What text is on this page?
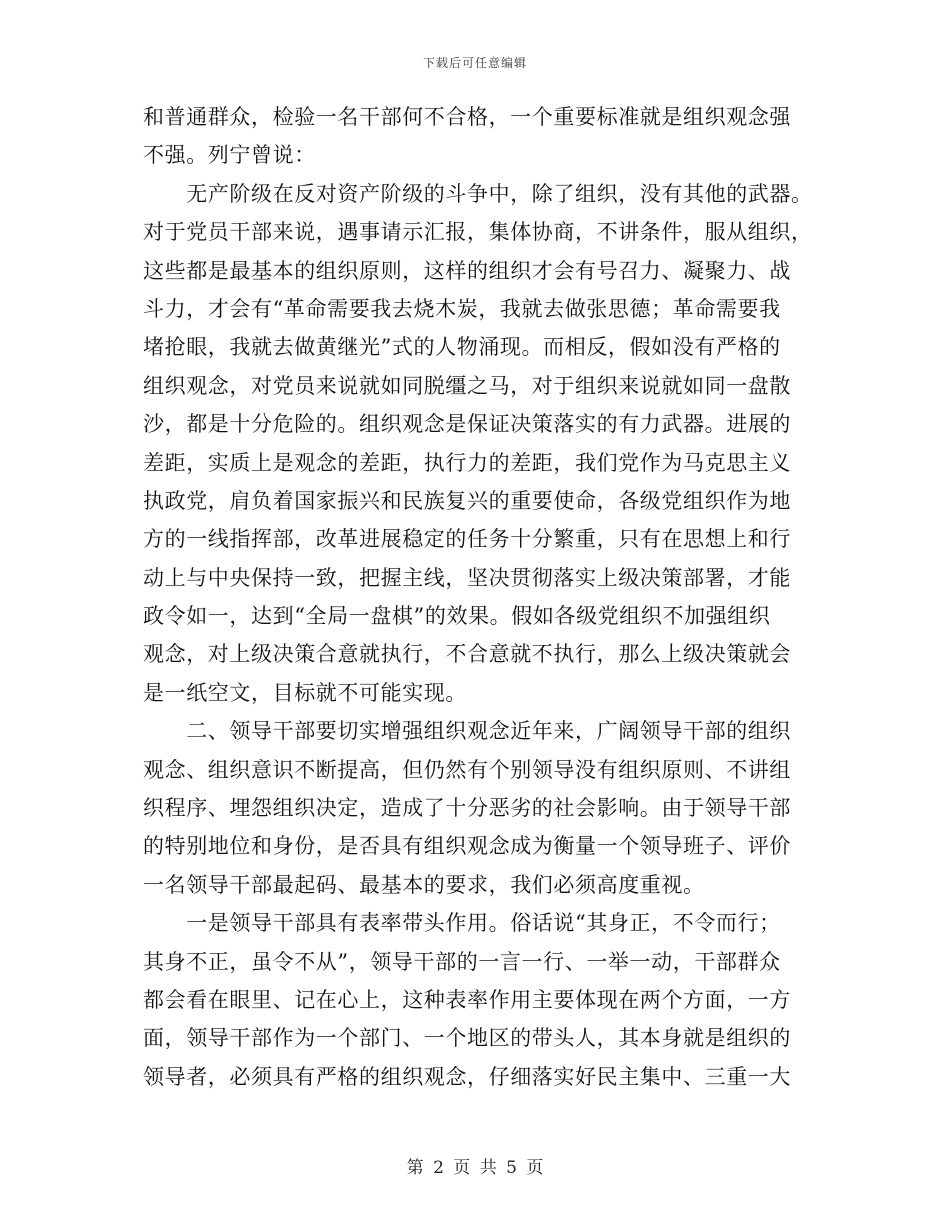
下载后可任意编辑
和普通群众，检验一名干部何不合格，一个重要标准就是组织观念强
不强。列宁曾说：
　　无产阶级在反对资产阶级的斗争中，除了组织，没有其他的武器。
对于党员干部来说，遇事请示汇报，集体协商，不讲条件，服从组织，
这些都是最基本的组织原则，这样的组织才会有号召力、凝聚力、战
斗力，才会有“革命需要我去烧木炭，我就去做张思德；革命需要我
堵抢眼，我就去做黄继光”式的人物涌现。而相反，假如没有严格的
组织观念，对党员来说就如同脱缰之马，对于组织来说就如同一盘散
沙，都是十分危险的。组织观念是保证决策落实的有力武器。进展的
差距，实质上是观念的差距，执行力的差距，我们党作为马克思主义
执政党，肩负着国家振兴和民族复兴的重要使命，各级党组织作为地
方的一线指挥部，改革进展稳定的任务十分繁重，只有在思想上和行
动上与中央保持一致，把握主线，坚决贯彻落实上级决策部署，才能
政令如一，达到“全局一盘棋”的效果。假如各级党组织不加强组织
观念，对上级决策合意就执行，不合意就不执行，那么上级决策就会
是一纸空文，目标就不可能实现。
　　二、领导干部要切实增强组织观念近年来，广阔领导干部的组织
观念、组织意识不断提高，但仍然有个别领导没有组织原则、不讲组
织程序、埋怨组织决定，造成了十分恶劣的社会影响。由于领导干部
的特别地位和身份，是否具有组织观念成为衡量一个领导班子、评价
一名领导干部最起码、最基本的要求，我们必须高度重视。
　　一是领导干部具有表率带头作用。俗话说“其身正，不令而行；
其身不正，虽令不从”，领导干部的一言一行、一举一动，干部群众
都会看在眼里、记在心上，这种表率作用主要体现在两个方面，一方
面，领导干部作为一个部门、一个地区的带头人，其本身就是组织的
领导者，必须具有严格的组织观念，仔细落实好民主集中、三重一大
第 2 页 共 5 页
